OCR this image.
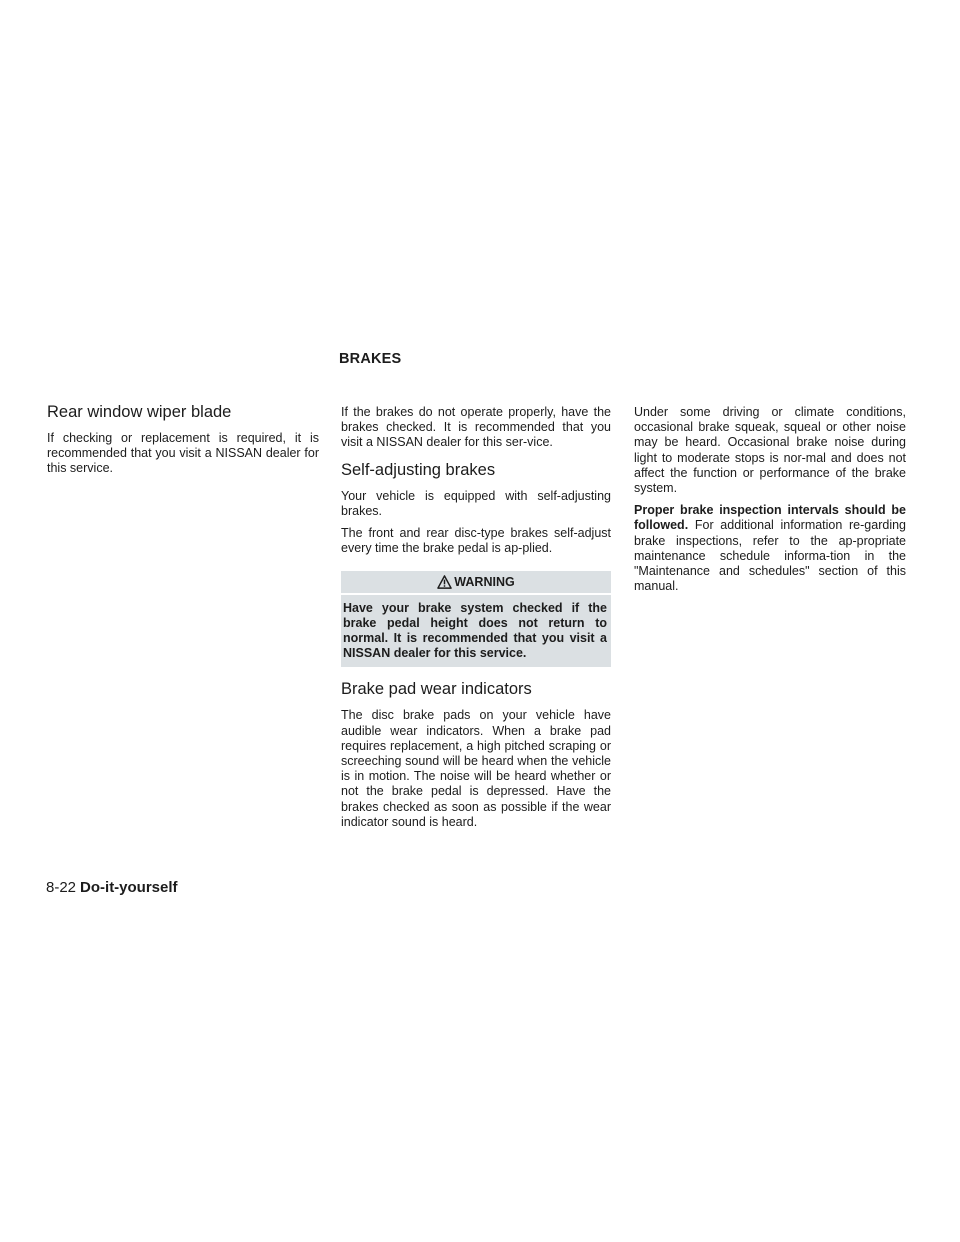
BRAKES
Rear window wiper blade

If checking or replacement is required, it is recommended that you visit a NISSAN dealer for this service.

If the brakes do not operate properly, have the brakes checked. It is recommended that you visit a NISSAN dealer for this ser-vice.

Self-adjusting brakes

Your vehicle is equipped with self-adjusting brakes.

The front and rear disc-type brakes self-adjust every time the brake pedal is ap-plied.

WARNING
Have your brake system checked if the brake pedal height does not return to normal. It is recommended that you visit a NISSAN dealer for this service.
Brake pad wear indicators

The disc brake pads on your vehicle have audible wear indicators. When a brake pad requires replacement, a high pitched scraping or screeching sound will be heard when the vehicle is in motion. The noise will be heard whether or not the brake pedal is depressed. Have the brakes checked as soon as possible if the wear indicator sound is heard.

Under some driving or climate conditions, occasional brake squeak, squeal or other noise may be heard. Occasional brake noise during light to moderate stops is nor-mal and does not affect the function or performance of the brake system.

Proper brake inspection intervals should be followed. For additional information re-garding brake inspections, refer to the ap-propriate maintenance schedule informa-tion in the "Maintenance and schedules" section of this manual.

8-22 Do-it-yourself
